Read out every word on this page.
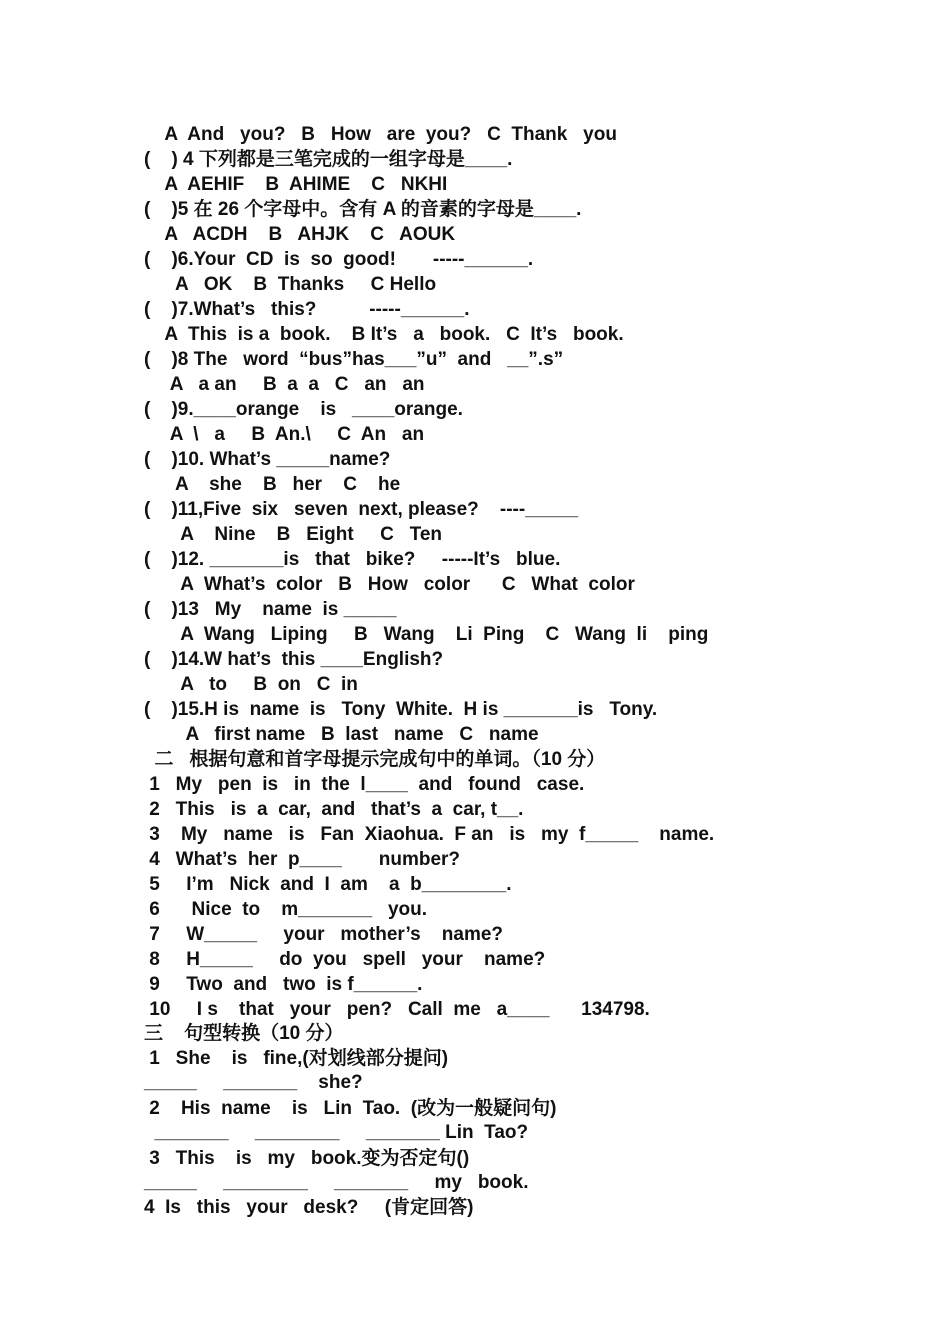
A  And   you?   B   How   are  you?   C  Thank   you

(    ) 4 下列都是三笔完成的一组字母是____.

A  AEHIF    B  AHIME    C   NKHI

(    )5 在 26 个字母中。含有 A 的音素的字母是____.

A   ACDH    B   AHJK    C   AOUK

(    )6.Your  CD  is  so  good!       -----______.

A   OK    B  Thanks     C Hello

(    )7.What’s   this?          -----______.

A  This  is a  book.    B It’s   a   book.   C  It’s   book.

(    )8 The   word  “bus”has___”u”  and   __”.s”

A   a an     B  a  a   C   an   an

(    )9.____orange    is   ____orange.

A  \   a     B  An.\     C  An   an

(    )10. What’s _____name?

A    she    B   her    C    he

(    )11,Five  six   seven  next, please?    ----_____

A    Nine    B   Eight     C   Ten

(    )12. _______is   that   bike?     -----It’s   blue.

A  What’s  color   B   How   color      C   What  color

(    )13   My    name  is _____

A  Wang   Liping     B   Wang    Li  Ping    C   Wang  li    ping

(    )14.W hat’s  this ____English?

A   to     B  on   C  in

(    )15.H is  name  is   Tony  White.  H is _______is   Tony.

A   first name   B  last   name   C   name

二   根据句意和首字母提示完成句中的单词。（10 分）

1   My   pen  is   in  the  l____  and   found   case.

2   This   is  a  car,  and   that’s  a  car, t__.

3    My   name   is   Fan  Xiaohua.  F an   is   my  f_____    name.

4   What’s  her  p____       number?

5     I’m   Nick  and  I  am    a  b________.

6      Nice  to    m_______   you.

7     W_____     your   mother’s    name?

8     H_____     do  you   spell   your    name?

9     Two  and   two  is f______.

10     I s    that   your   pen?   Call  me   a____      134798.

三    句型转换（10 分）

1   She    is   fine,(对划线部分提问)

_____     _______    she?

2    His  name    is   Lin  Tao.  (改为一般疑问句)

_______     ________     _______ Lin  Tao?

3   This    is   my   book.变为否定句()

_____     ________     _______     my   book.

4  Is   this   your   desk?     (肯定回答)
